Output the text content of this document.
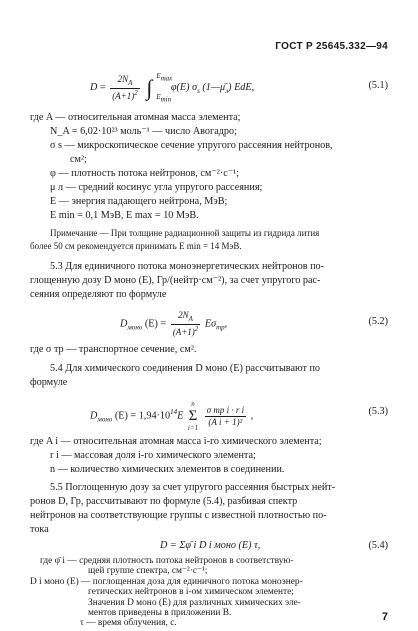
ГОСТ Р 25645.332—94
$D = \frac{2N_A}{(A+1)^2}$ ∫ $E_{max}$
$E_{min}$
φ(E) $\sigma_s$ $(1—\mū_л)$ EdE,	(5.1)
где A — относительная атомная масса элемента;
N_A = 6,02·10²³ моль⁻¹ — число Авогадро;
σ s — микроскопическое сечение упругого рассеяния нейтронов,
см²;
φ — плотность потока нейтронов, см⁻²·с⁻¹;
μ л — средний косинус угла упругого рассеяния;
E — энергия падающего нейтрона, МэВ;
E min = 0,1 МэВ, E max = 10 МэВ.
Примечание — При толщине радиационной защиты из гидрида лития
более 50 см рекомендуется принимать E min = 14 МэВ.
5.3 Для единичного потока моноэнергетических нейтронов по-
глощенную дозу D моно (E), Гр/(нейтр·см⁻²), за счет упругого рас-
сеяния определяют по формуле
$D_{моно}$ $(E) = \frac{2N_A}{(A+1)^2} E\sigma_{тр}$,	(5.2)
где σ тр — транспортное сечение, см².
5.4 Для химического соединения D моно (E) рассчитывают по
формуле
$D_{моно}$ $(E) = 1,94\cdot 10^{14}E$
n
Σ
i=1
$\frac{\text{σ тр i · r i}}{\text{(A i + 1)²}}$ ,	(5.3)
где A i — относительная атомная масса i-го химического элемента;
r i — массовая доля i-го химического элемента;
n — количество химических элементов в соединении.
5.5 Поглощенную дозу за счет упругого рассеяния быстрых нейт-
ронов D, Гр, рассчитывают по формуле (5.4), разбивая спектр
нейтронов на соответствующие группы с известной плотностью по-
тока
D = Σφ̄ i D i моно (E) τ,	(5.4)
7
где φ̄ i — средняя плотность потока нейтронов в соответствую-
щей группе спектра, см⁻²·с⁻¹;
D i моно (E) — поглощенная доза для единичного потока моноэнер-
гетических нейтронов в i-ом химическом элементе;
Значения D моно (E) для различных химических элe-
ментов приведены в приложении В.
τ — время облучения, с.
